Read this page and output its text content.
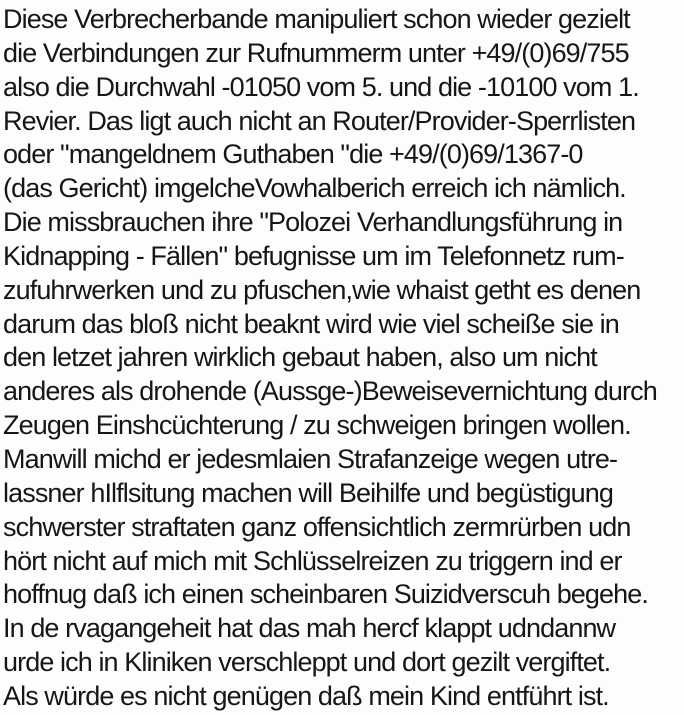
Diese Verbrecherbande manipuliert schon wieder gezielt
die Verbindungen zur Rufnummerm unter +49/(0)69/755
also die Durchwahl -01050 vom 5. und die -10100 vom 1.
Revier. Das ligt auch nicht an Router/Provider-Sperrlisten
oder "mangeldnem Guthaben "die +49/(0)69/1367-0
(das Gericht) imgelcheVowhalberich erreich ich nämlich.
Die missbrauchen ihre "Polozei Verhandlungsführung in
Kidnapping - Fällen" befugnisse um im Telefonnetz rum-
zufuhrwerken und zu pfuschen,wie whaist getht es denen
darum das bloß nicht beaknt wird wie viel scheiße sie in
den letzet jahren wirklich gebaut haben, also um nicht
anderes als drohende (Aussge-)Beweisevernichtung durch
Zeugen Einshcüchterung / zu schweigen bringen wollen.
Manwill michd er jedesmlaien Strafanzeige wegen utre-
lassner hIlflsitung machen will Beihilfe und begüstigung
schwerster straftaten ganz offensichtlich zermrürben udn
hört nicht auf mich mit Schlüsselreizen zu triggern ind er
hoffnug daß ich einen scheinbaren Suizidverscuh begehe.
In de rvagangeheit hat das mah hercf klappt udndannw
urde ich in Kliniken verschleppt und dort gezilt vergiftet.
Als würde es nicht genügen daß mein Kind entführt ist.
